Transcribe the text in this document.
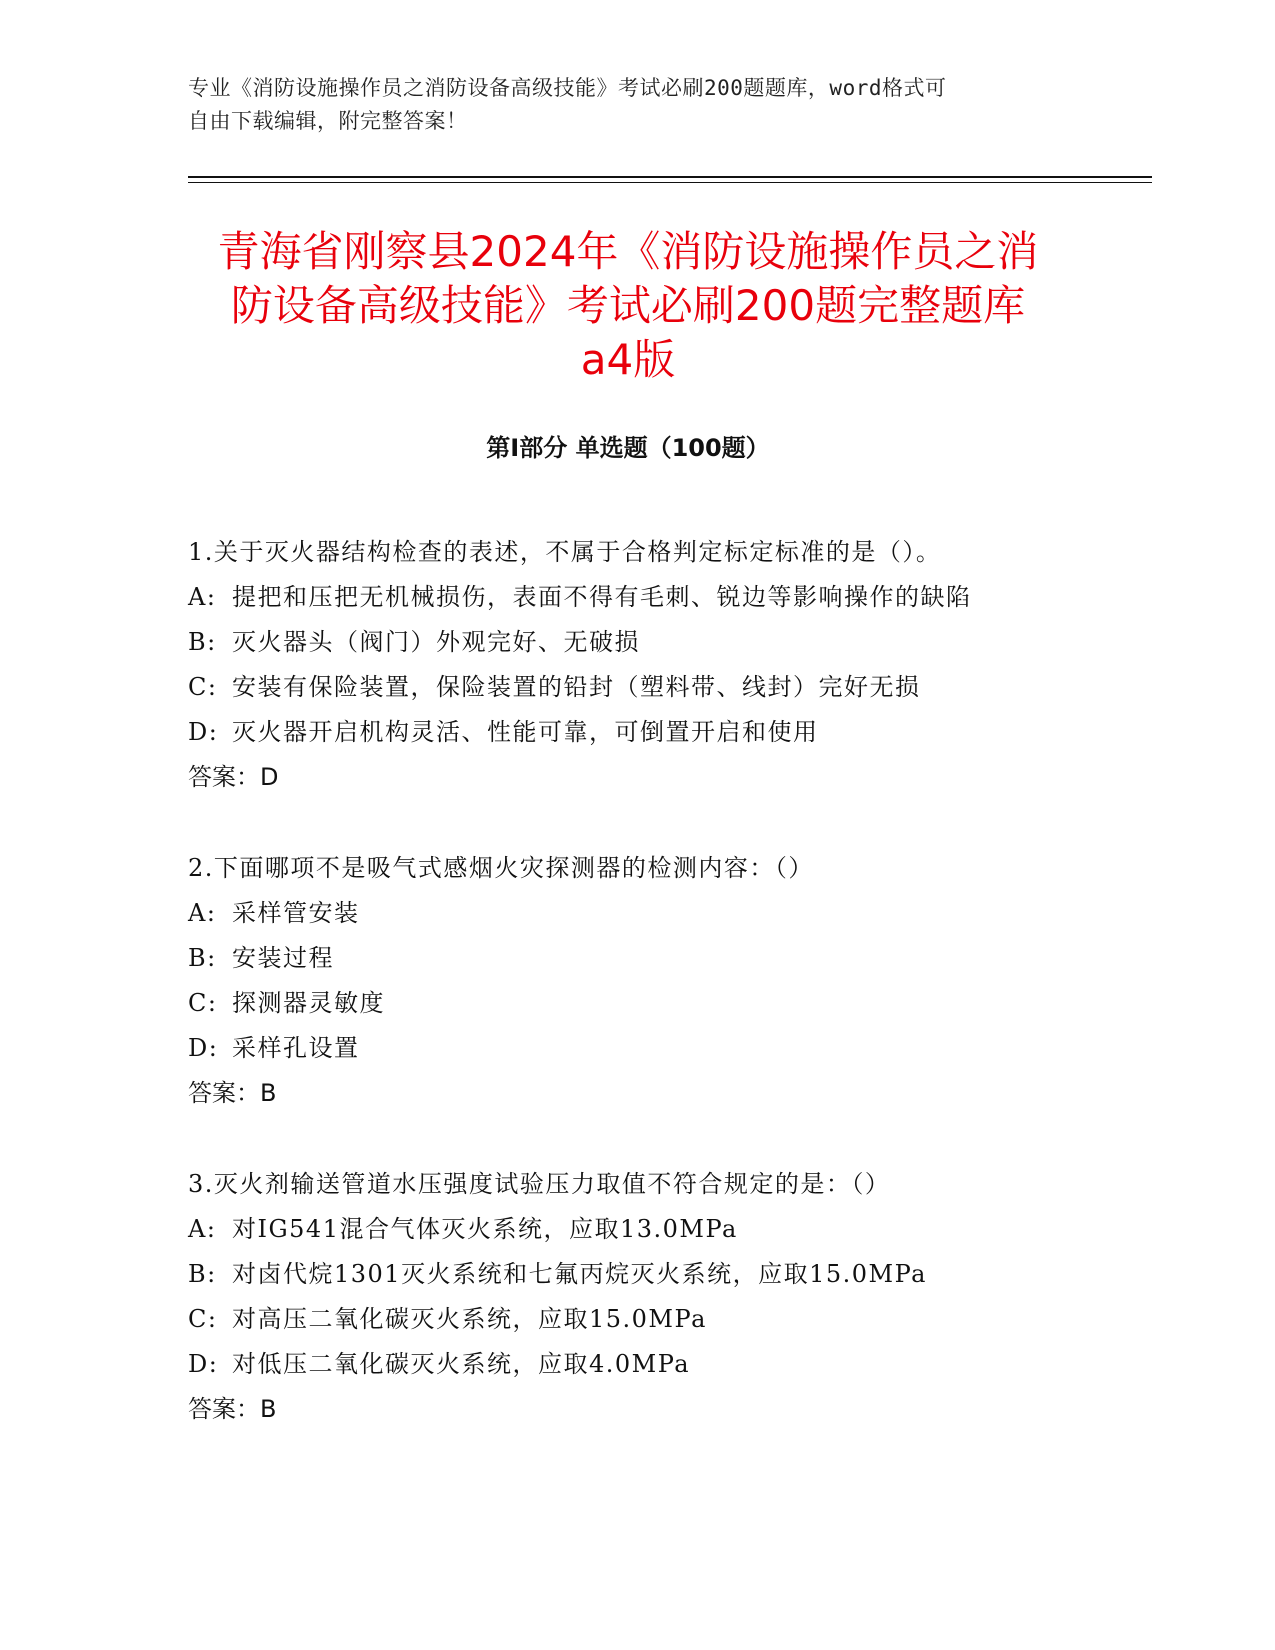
专业《消防设施操作员之消防设备高级技能》考试必刷200题题库，word格式可
自由下载编辑，附完整答案！
青海省刚察县2024年《消防设施操作员之消
防设备高级技能》考试必刷200题完整题库
a4版
第I部分 单选题（100题）
1.关于灭火器结构检查的表述，不属于合格判定标定标准的是（）。
A: 提把和压把无机械损伤，表面不得有毛刺、锐边等影响操作的缺陷
B: 灭火器头（阀门）外观完好、无破损
C: 安装有保险装置，保险装置的铅封（塑料带、线封）完好无损
D: 灭火器开启机构灵活、性能可靠，可倒置开启和使用
答案：D
2.下面哪项不是吸气式感烟火灾探测器的检测内容：（）
A: 采样管安装
B: 安装过程
C: 探测器灵敏度
D: 采样孔设置
答案：B
3.灭火剂输送管道水压强度试验压力取值不符合规定的是：（）
A: 对IG541混合气体灭火系统，应取13.0MPa
B: 对卤代烷1301灭火系统和七氟丙烷灭火系统，应取15.0MPa
C: 对高压二氧化碳灭火系统，应取15.0MPa
D: 对低压二氧化碳灭火系统，应取4.0MPa
答案：B
